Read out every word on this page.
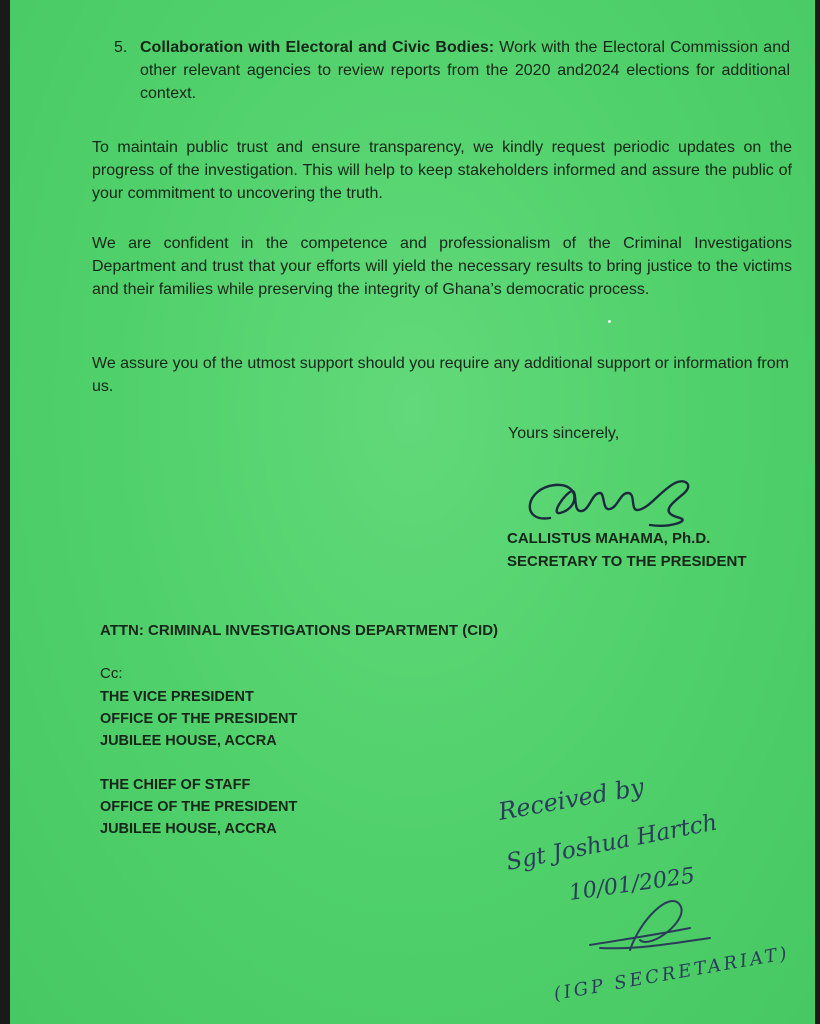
5. Collaboration with Electoral and Civic Bodies: Work with the Electoral Commission and other relevant agencies to review reports from the 2020 and2024 elections for additional context.

To maintain public trust and ensure transparency, we kindly request periodic updates on the progress of the investigation. This will help to keep stakeholders informed and assure the public of your commitment to uncovering the truth.

We are confident in the competence and professionalism of the Criminal Investigations Department and trust that your efforts will yield the necessary results to bring justice to the victims and their families while preserving the integrity of Ghana’s democratic process.

We assure you of the utmost support should you require any additional support or information from us.

Yours sincerely,
CALLISTUS MAHAMA, Ph.D.
SECRETARY TO THE PRESIDENT
ATTN: CRIMINAL INVESTIGATIONS DEPARTMENT (CID)
Cc:
THE VICE PRESIDENT
OFFICE OF THE PRESIDENT
JUBILEE HOUSE, ACCRA
THE CHIEF OF STAFF
OFFICE OF THE PRESIDENT
JUBILEE HOUSE, ACCRA
Received by
Sgt Joshua Hartch
10/01/2025
(IGP SECRETARIAT)
